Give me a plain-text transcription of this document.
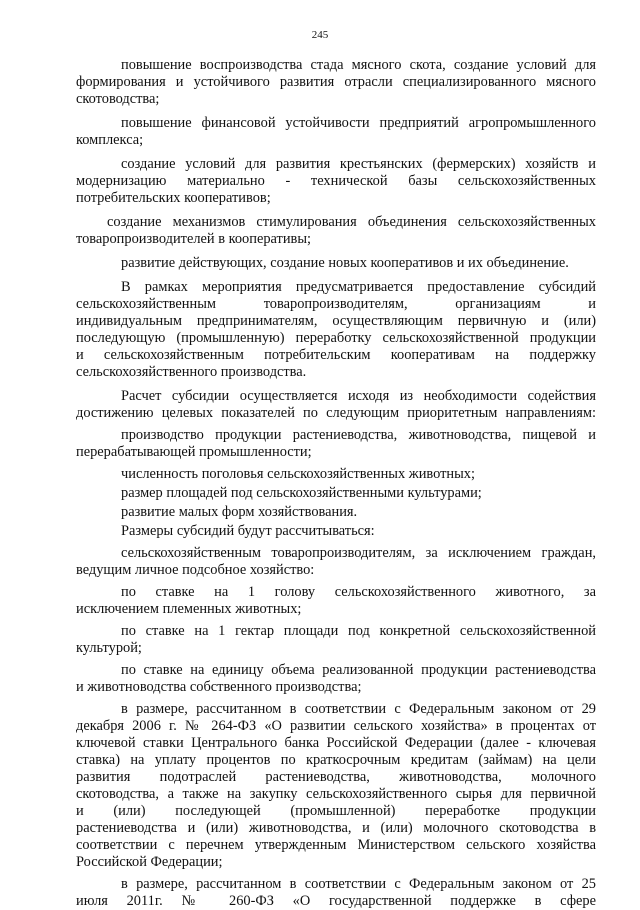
245
повышение воспроизводства стада мясного скота, создание условий для
формирования и устойчивого развития отрасли специализированного мясного
скотоводства;
повышение финансовой устойчивости предприятий агропромышленного
комплекса;
создание условий для развития крестьянских (фермерских) хозяйств и
модернизацию материально - технической базы сельскохозяйственных
потребительских кооперативов;
создание механизмов стимулирования объединения сельскохозяйственных
товаропроизводителей в кооперативы;
развитие действующих, создание новых кооперативов и их объединение.
В рамках мероприятия предусматривается предоставление субсидий
сельскохозяйственным товаропроизводителям, организациям и
индивидуальным предпринимателям, осуществляющим первичную и (или)
последующую (промышленную) переработку сельскохозяйственной продукции
и сельскохозяйственным потребительским кооперативам на поддержку
сельскохозяйственного производства.
Расчет субсидии осуществляется исходя из необходимости содействия
достижению целевых показателей по следующим приоритетным направлениям:
производство продукции растениеводства, животноводства, пищевой и
перерабатывающей промышленности;
численность поголовья сельскохозяйственных животных;
размер площадей под сельскохозяйственными культурами;
развитие малых форм хозяйствования.
Размеры субсидий будут рассчитываться:
сельскохозяйственным товаропроизводителям, за исключением граждан,
ведущим личное подсобное хозяйство:
по ставке на 1 голову сельскохозяйственного животного, за
исключением племенных животных;
по ставке на 1 гектар площади под конкретной сельскохозяйственной
культурой;
по ставке на единицу объема реализованной продукции растениеводства
и животноводства собственного производства;
в размере, рассчитанном в соответствии с Федеральным законом от 29
декабря 2006 г. № 264-ФЗ «О развитии сельского хозяйства» в процентах от
ключевой ставки Центрального банка Российской Федерации (далее - ключевая
ставка) на уплату процентов по краткосрочным кредитам (займам) на цели
развития подотраслей растениеводства, животноводства, молочного
скотоводства, а также на закупку сельскохозяйственного сырья для первичной
и (или) последующей (промышленной) переработке продукции
растениеводства и (или) животноводства, и (или) молочного скотоводства в
соответствии с перечнем утвержденным Министерством сельского хозяйства
Российской Федерации;
в размере, рассчитанном в соответствии с Федеральным законом от 25
июля 2011г. № 260-ФЗ «О государственной поддержке в сфере
